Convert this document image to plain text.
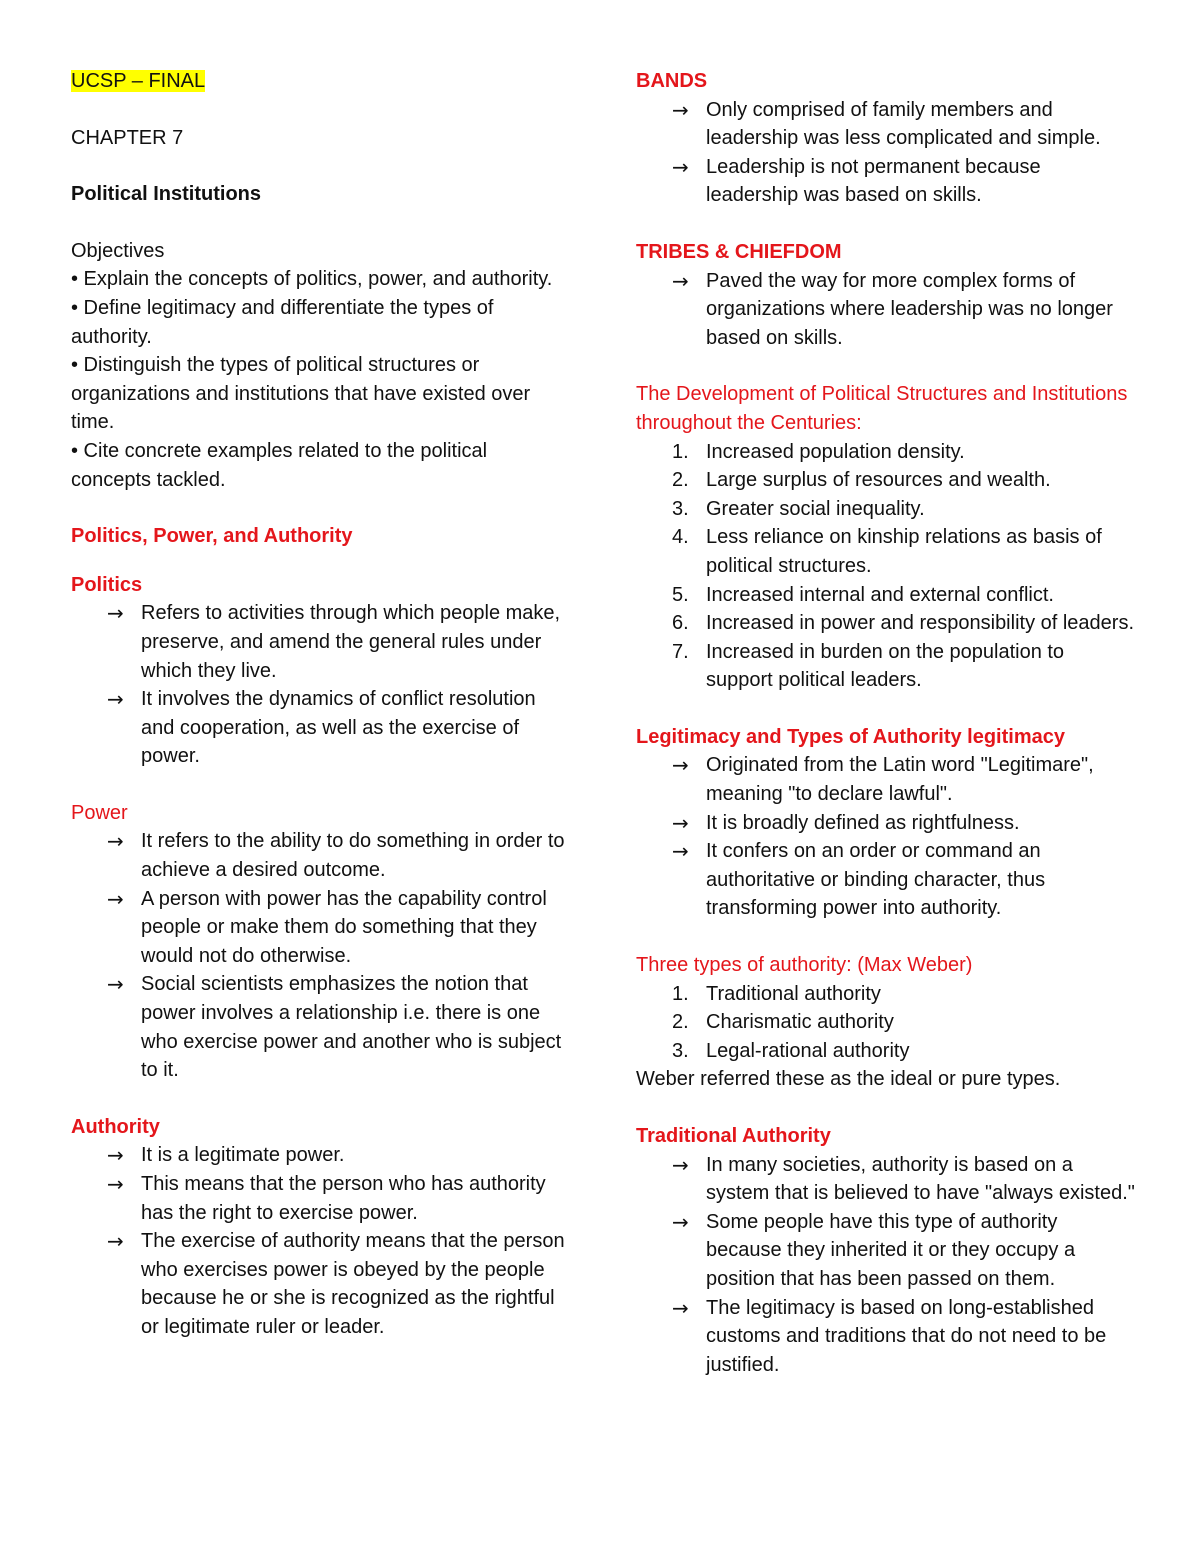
UCSP – FINAL

CHAPTER 7

Political Institutions

Objectives

• Explain the concepts of politics, power, and authority.

• Define legitimacy and differentiate the types of authority.

• Distinguish the types of political structures or organizations and institutions that have existed over time.

• Cite concrete examples related to the political concepts tackled.

Politics, Power, and Authority

Politics

→
Refers to activities through which people make, preserve, and amend the general rules under which they live.
→
It involves the dynamics of conflict resolution and cooperation, as well as the exercise of power.

Power

→
It refers to the ability to do something in order to achieve a desired outcome.
→
A person with power has the capability control people or make them do something that they would not do otherwise.
→
Social scientists emphasizes the notion that power involves a relationship i.e. there is one who exercise power and another who is subject to it.

Authority

→
It is a legitimate power.
→
This means that the person who has authority has the right to exercise power.
→
The exercise of authority means that the person who exercises power is obeyed by the people because he or she is recognized as the rightful or legitimate ruler or leader.

BANDS

→
Only comprised of family members and leadership was less complicated and simple.
→
Leadership is not permanent because leadership was based on skills.

TRIBES & CHIEFDOM

→
Paved the way for more complex forms of organizations where leadership was no longer based on skills.

The Development of Political Structures and Institutions throughout the Centuries:

1. Increased population density.
2. Large surplus of resources and wealth.
3. Greater social inequality.
4. Less reliance on kinship relations as basis of political structures.
5. Increased internal and external conflict.
6. Increased in power and responsibility of leaders.
7. Increased in burden on the population to support political leaders.

Legitimacy and Types of Authority legitimacy

→
Originated from the Latin word "Legitimare", meaning "to declare lawful".
→
It is broadly defined as rightfulness.
→
It confers on an order or command an authoritative or binding character, thus transforming power into authority.

Three types of authority: (Max Weber)

1. Traditional authority
2. Charismatic authority
3. Legal-rational authority

Weber referred these as the ideal or pure types.

Traditional Authority

→
In many societies, authority is based on a system that is believed to have "always existed."
→
Some people have this type of authority because they inherited it or they occupy a position that has been passed on them.
→
The legitimacy is based on long-established customs and traditions that do not need to be justified.
